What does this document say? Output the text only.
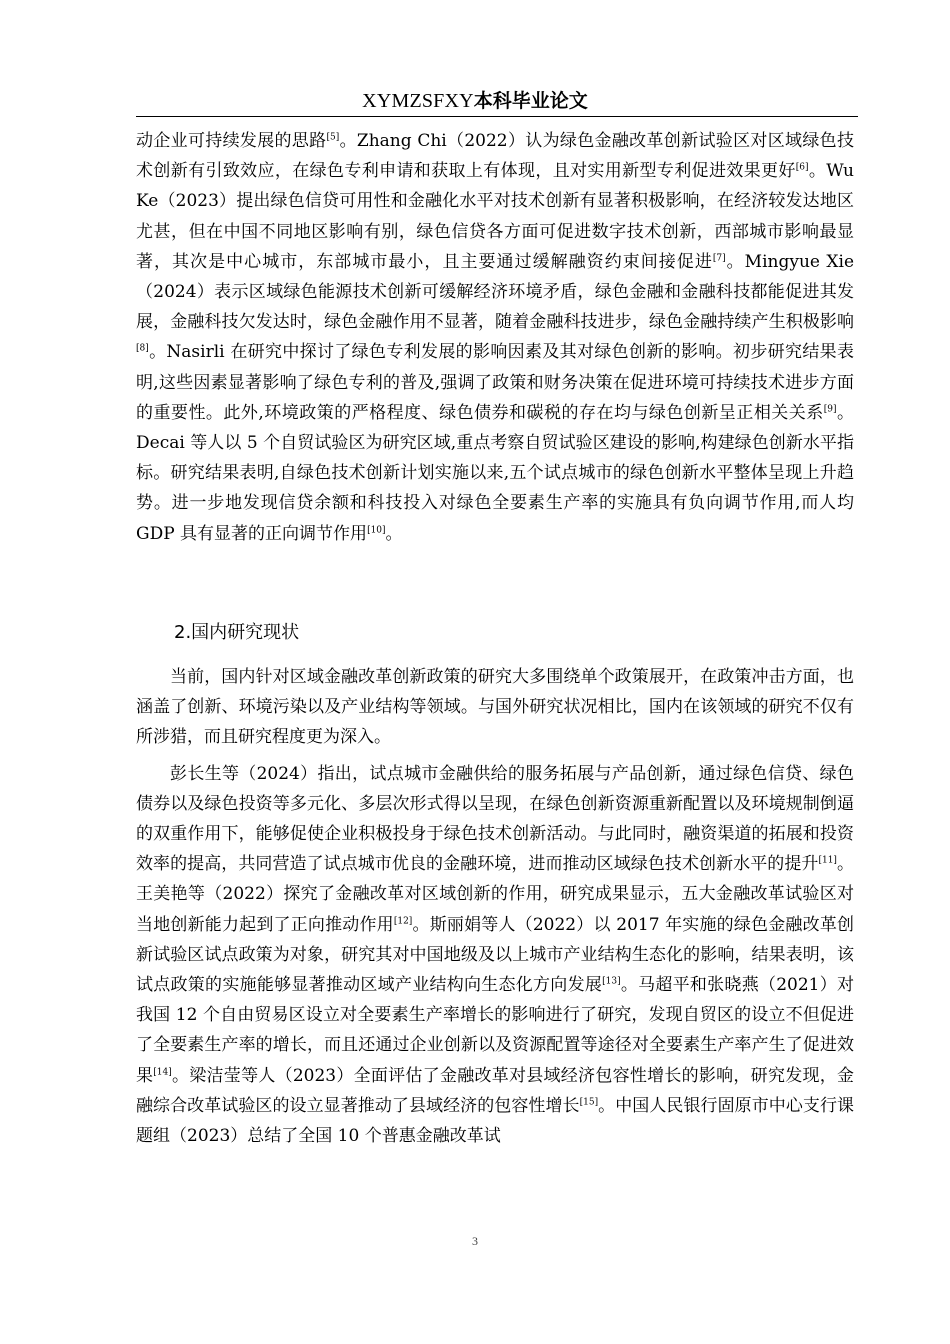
XYMZSFXY本科毕业论文

动企业可持续发展的思路[5]。Zhang Chi（2022）认为绿色金融改革创新试验区对区域绿色技术创新有引致效应，在绿色专利申请和获取上有体现，且对实用新型专利促进效果更好[6]。Wu Ke（2023）提出绿色信贷可用性和金融化水平对技术创新有显著积极影响，在经济较发达地区尤甚，但在中国不同地区影响有别，绿色信贷各方面可促进数字技术创新，西部城市影响最显著，其次是中心城市，东部城市最小，且主要通过缓解融资约束间接促进[7]。Mingyue Xie（2024）表示区域绿色能源技术创新可缓解经济环境矛盾，绿色金融和金融科技都能促进其发展，金融科技欠发达时，绿色金融作用不显著，随着金融科技进步，绿色金融持续产生积极影响[8]。Nasirli 在研究中探讨了绿色专利发展的影响因素及其对绿色创新的影响。初步研究结果表明,这些因素显著影响了绿色专利的普及,强调了政策和财务决策在促进环境可持续技术进步方面的重要性。此外,环境政策的严格程度、绿色债券和碳税的存在均与绿色创新呈正相关关系[9]。Decai 等人以 5 个自贸试验区为研究区域,重点考察自贸试验区建设的影响,构建绿色创新水平指标。研究结果表明,自绿色技术创新计划实施以来,五个试点城市的绿色创新水平整体呈现上升趋势。进一步地发现信贷余额和科技投入对绿色全要素生产率的实施具有负向调节作用,而人均 GDP 具有显著的正向调节作用[10]。

2.国内研究现状

当前，国内针对区域金融改革创新政策的研究大多围绕单个政策展开，在政策冲击方面，也涵盖了创新、环境污染以及产业结构等领域。与国外研究状况相比，国内在该领域的研究不仅有所涉猎，而且研究程度更为深入。

彭长生等（2024）指出，试点城市金融供给的服务拓展与产品创新，通过绿色信贷、绿色债券以及绿色投资等多元化、多层次形式得以呈现，在绿色创新资源重新配置以及环境规制倒逼的双重作用下，能够促使企业积极投身于绿色技术创新活动。与此同时，融资渠道的拓展和投资效率的提高，共同营造了试点城市优良的金融环境，进而推动区域绿色技术创新水平的提升[11]。王美艳等（2022）探究了金融改革对区域创新的作用，研究成果显示，五大金融改革试验区对当地创新能力起到了正向推动作用[12]。斯丽娟等人（2022）以 2017 年实施的绿色金融改革创新试验区试点政策为对象，研究其对中国地级及以上城市产业结构生态化的影响，结果表明，该试点政策的实施能够显著推动区域产业结构向生态化方向发展[13]。马超平和张晓燕（2021）对我国 12 个自由贸易区设立对全要素生产率增长的影响进行了研究，发现自贸区的设立不但促进了全要素生产率的增长，而且还通过企业创新以及资源配置等途径对全要素生产率产生了促进效果[14]。梁洁莹等人（2023）全面评估了金融改革对县域经济包容性增长的影响，研究发现，金融综合改革试验区的设立显著推动了县域经济的包容性增长[15]。中国人民银行固原市中心支行课题组（2023）总结了全国 10 个普惠金融改革试

3
